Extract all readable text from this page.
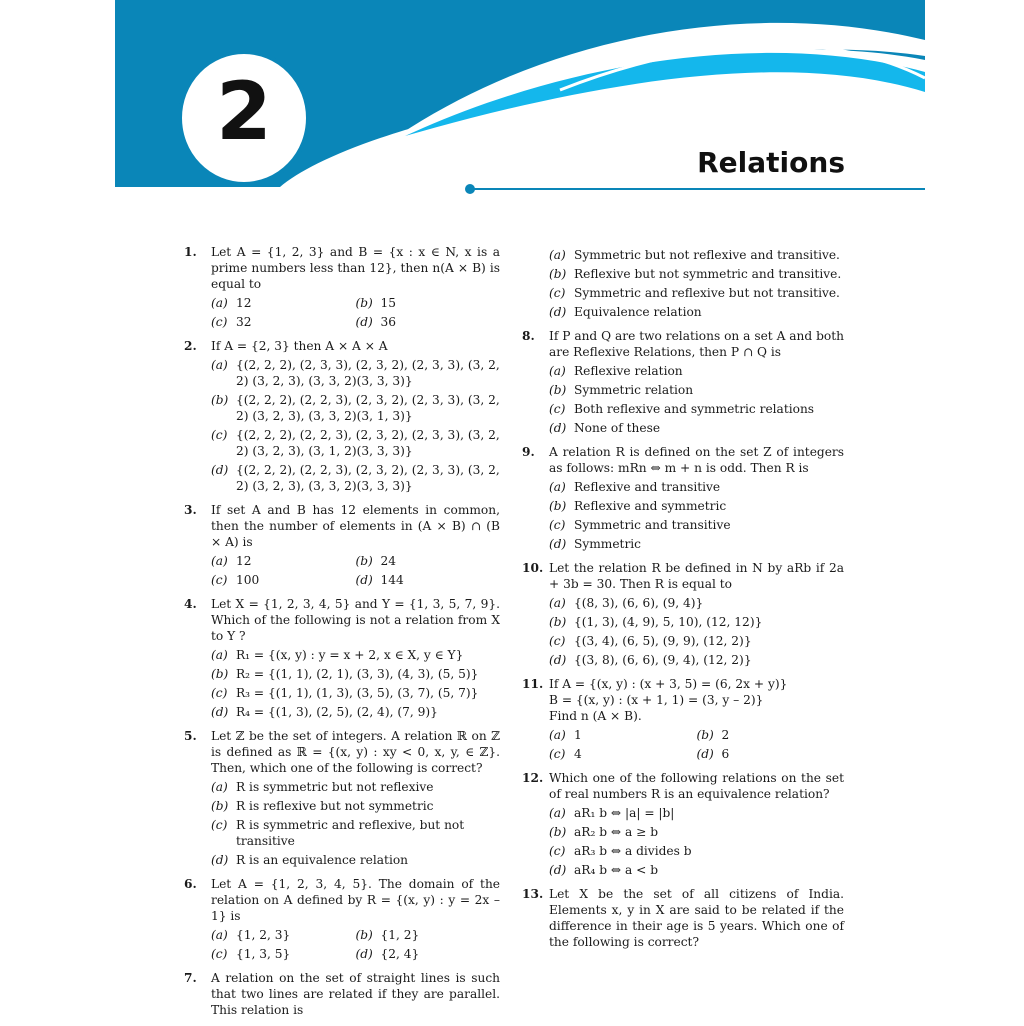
2
Relations
1.	Let A = {1, 2, 3} and B = {x : x ∈ N, x is a prime numbers less than 12}, then n(A × B) is equal to
(a) 12	(b) 15
(c) 32	(d) 36
2.	If A = {2, 3} then A × A × A
(a) {(2, 2, 2), (2, 3, 3), (2, 3, 2), (2, 3, 3), (3, 2, 2) (3, 2, 3), (3, 3, 2)(3, 3, 3)}
(b) {(2, 2, 2), (2, 2, 3), (2, 3, 2), (2, 3, 3), (3, 2, 2) (3, 2, 3), (3, 3, 2)(3, 1, 3)}
(c) {(2, 2, 2), (2, 2, 3), (2, 3, 2), (2, 3, 3), (3, 2, 2) (3, 2, 3), (3, 1, 2)(3, 3, 3)}
(d) {(2, 2, 2), (2, 2, 3), (2, 3, 2), (2, 3, 3), (3, 2, 2) (3, 2, 3), (3, 3, 2)(3, 3, 3)}
3.	If set A and B has 12 elements in common, then the number of elements in (A × B) ∩ (B × A) is
(a) 12	(b) 24
(c) 100	(d) 144
4.	Let X = {1, 2, 3, 4, 5} and Y = {1, 3, 5, 7, 9}. Which of the following is not a relation from X to Y ?
(a) R₁ = {(x, y) : y = x + 2, x ∈ X, y ∈ Y}
(b) R₂ = {(1, 1), (2, 1), (3, 3), (4, 3), (5, 5)}
(c) R₃ = {(1, 1), (1, 3), (3, 5), (3, 7), (5, 7)}
(d) R₄ = {(1, 3), (2, 5), (2, 4), (7, 9)}
5.	Let ℤ be the set of integers. A relation ℝ on ℤ is defined as ℝ = {(x, y) : xy < 0, x, y, ∈ ℤ}. Then, which one of the following is correct?
(a) R is symmetric but not reflexive
(b) R is reflexive but not symmetric
(c) R is symmetric and reflexive, but not transitive
(d) R is an equivalence relation
6.	Let A = {1, 2, 3, 4, 5}. The domain of the relation on A defined by R = {(x, y) : y = 2x – 1} is
(a) {1, 2, 3}	(b) {1, 2}
(c) {1, 3, 5}	(d) {2, 4}
7.	A relation on the set of straight lines is such that two lines are related if they are parallel. This relation is
(a) Symmetric but not reflexive and transitive.
(b) Reflexive but not symmetric and transitive.
(c) Symmetric and reflexive but not transitive.
(d) Equivalence relation
8.	If P and Q are two relations on a set A and both are Reflexive Relations, then P ∩ Q is
(a) Reflexive relation
(b) Symmetric relation
(c) Both reflexive and symmetric relations
(d) None of these
9.	A relation R is defined on the set Z of integers as follows: mRn ⇔ m + n is odd. Then R is
(a) Reflexive and transitive
(b) Reflexive and symmetric
(c) Symmetric and transitive
(d) Symmetric
10. Let the relation R be defined in N by aRb if 2a + 3b = 30. Then R is equal to
(a) {(8, 3), (6, 6), (9, 4)}
(b) {(1, 3), (4, 9), 5, 10), (12, 12)}
(c) {(3, 4), (6, 5), (9, 9), (12, 2)}
(d) {(3, 8), (6, 6), (9, 4), (12, 2)}
11. If A = {(x, y) : (x + 3, 5) = (6, 2x + y)}
B = {(x, y) : (x + 1, 1) = (3, y – 2)}
Find n (A × B).
(a) 1	(b) 2
(c) 4	(d) 6
12. Which one of the following relations on the set of real numbers R is an equivalence relation?
(a) aR₁ b ⇔ |a| = |b|
(b) aR₂ b ⇔ a ≥ b
(c) aR₃ b ⇔ a divides b
(d) aR₄ b ⇔ a < b
13. Let X be the set of all citizens of India. Elements x, y in X are said to be related if the difference in their age is 5 years. Which one of the following is correct?
